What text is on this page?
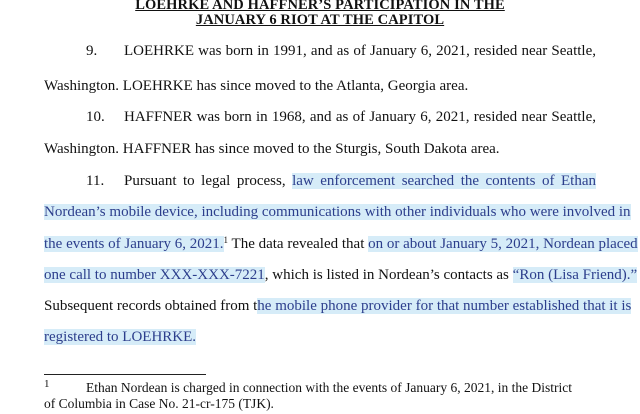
LOEHRKE AND HAFFNER’S PARTICIPATION IN THE
JANUARY 6 RIOT AT THE CAPITOL
9. LOEHRKE was born in 1991, and as of January 6, 2021, resided near Seattle,
Washington. LOEHRKE has since moved to the Atlanta, Georgia area.
10. HAFFNER was born in 1968, and as of January 6, 2021, resided near Seattle,
Washington. HAFFNER has since moved to the Sturgis, South Dakota area.
11. Pursuant to legal process, law enforcement searched the contents of Ethan
Nordean’s mobile device, including communications with other individuals who were involved in
the events of January 6, 2021.$^1$ The data revealed that on or about January 5, 2021, Nordean placed
one call to number XXX-XXX-7221, which is listed in Nordean’s contacts as “Ron (Lisa Friend).”
Subsequent records obtained from the mobile phone provider for that number established that it is
registered to LOEHRKE.
1	Ethan Nordean is charged in connection with the events of January 6, 2021, in the District
of Columbia in Case No. 21-cr-175 (TJK).
